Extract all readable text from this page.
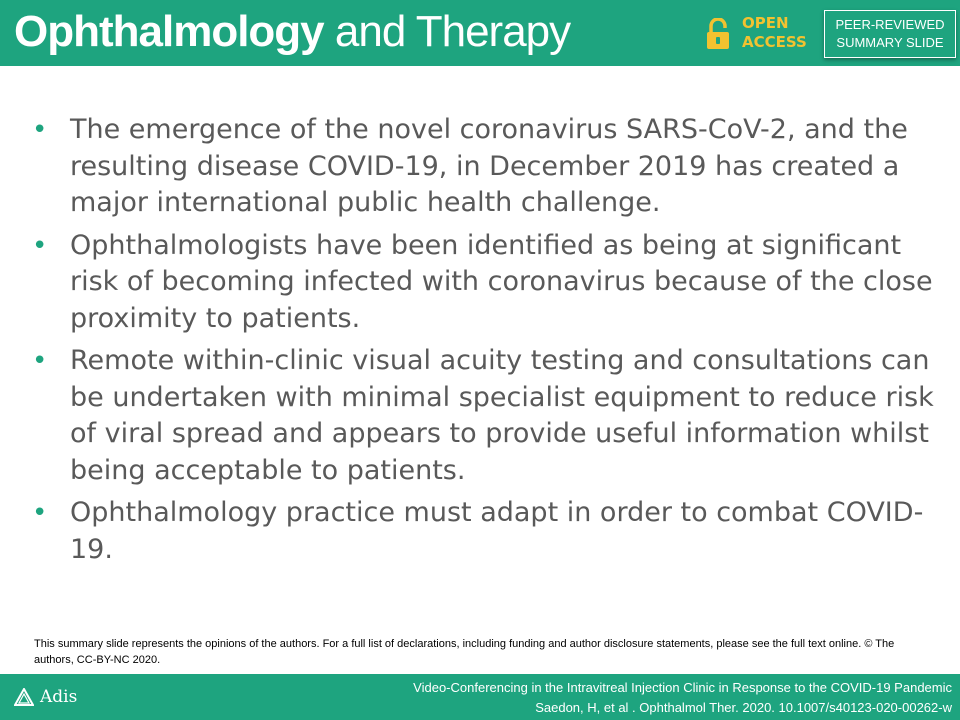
Ophthalmology and Therapy	OPEN
ACCESS
PEER-REVIEWED
SUMMARY SLIDE
• The emergence of the novel coronavirus SARS-CoV-2, and the resulting disease COVID-19, in December 2019 has created a major international public health challenge.
• Ophthalmologists have been identified as being at significant risk of becoming infected with coronavirus because of the close proximity to patients.
• Remote within-clinic visual acuity testing and consultations can be undertaken with minimal specialist equipment to reduce risk of viral spread and appears to provide useful information whilst being acceptable to patients.
• Ophthalmology practice must adapt in order to combat COVID-19.
This summary slide represents the opinions of the authors. For a full list of declarations, including funding and author disclosure statements, please see the full text online. © The authors, CC-BY-NC 2020.
Adis	Video-Conferencing in the Intravitreal Injection Clinic in Response to the COVID-19 Pandemic
Saedon, H, et al . Ophthalmol Ther. 2020. 10.1007/s40123-020-00262-w
